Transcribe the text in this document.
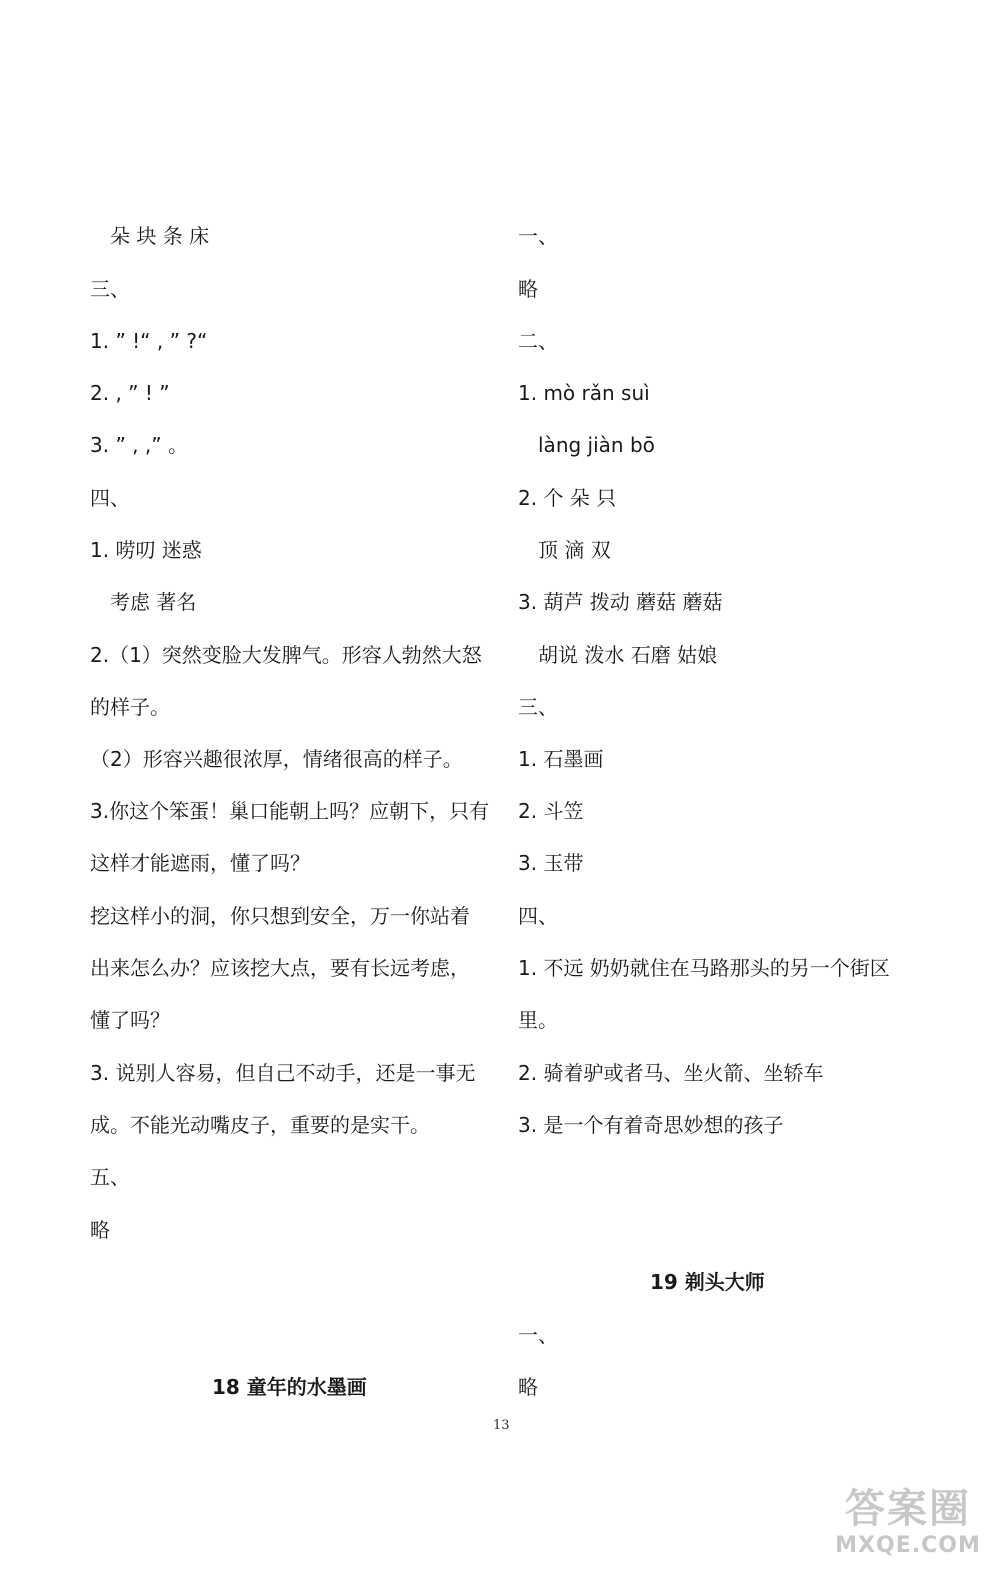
朵 块 条 床
三、
1. ” !“ , ” ?“
2. , ” ! ”
3. ” , ,” 。
四、
1. 唠叨 迷惑
考虑 著名
2.（1）突然变脸大发脾气。形容人勃然大怒
的样子。
（2）形容兴趣很浓厚，情绪很高的样子。
3.你这个笨蛋！巢口能朝上吗？应朝下，只有
这样才能遮雨，懂了吗？
挖这样小的洞，你只想到安全，万一你站着
出来怎么办？应该挖大点，要有长远考虑，
懂了吗？
3. 说别人容易，但自己不动手，还是一事无
成。不能光动嘴皮子，重要的是实干。
五、
略
18 童年的水墨画
一、
略
二、
1. mò rǎn suì
làng jiàn bō
2. 个 朵 只
顶 滴 双
3. 葫芦 拨动 蘑菇 蘑菇
胡说 泼水 石磨 姑娘
三、
1. 石墨画
2. 斗笠
3. 玉带
四、
1. 不远 奶奶就住在马路那头的另一个街区
里。
2. 骑着驴或者马、坐火箭、坐轿车
3. 是一个有着奇思妙想的孩子
19 剃头大师
一、
略
13
答案圈
MXQE.COM
